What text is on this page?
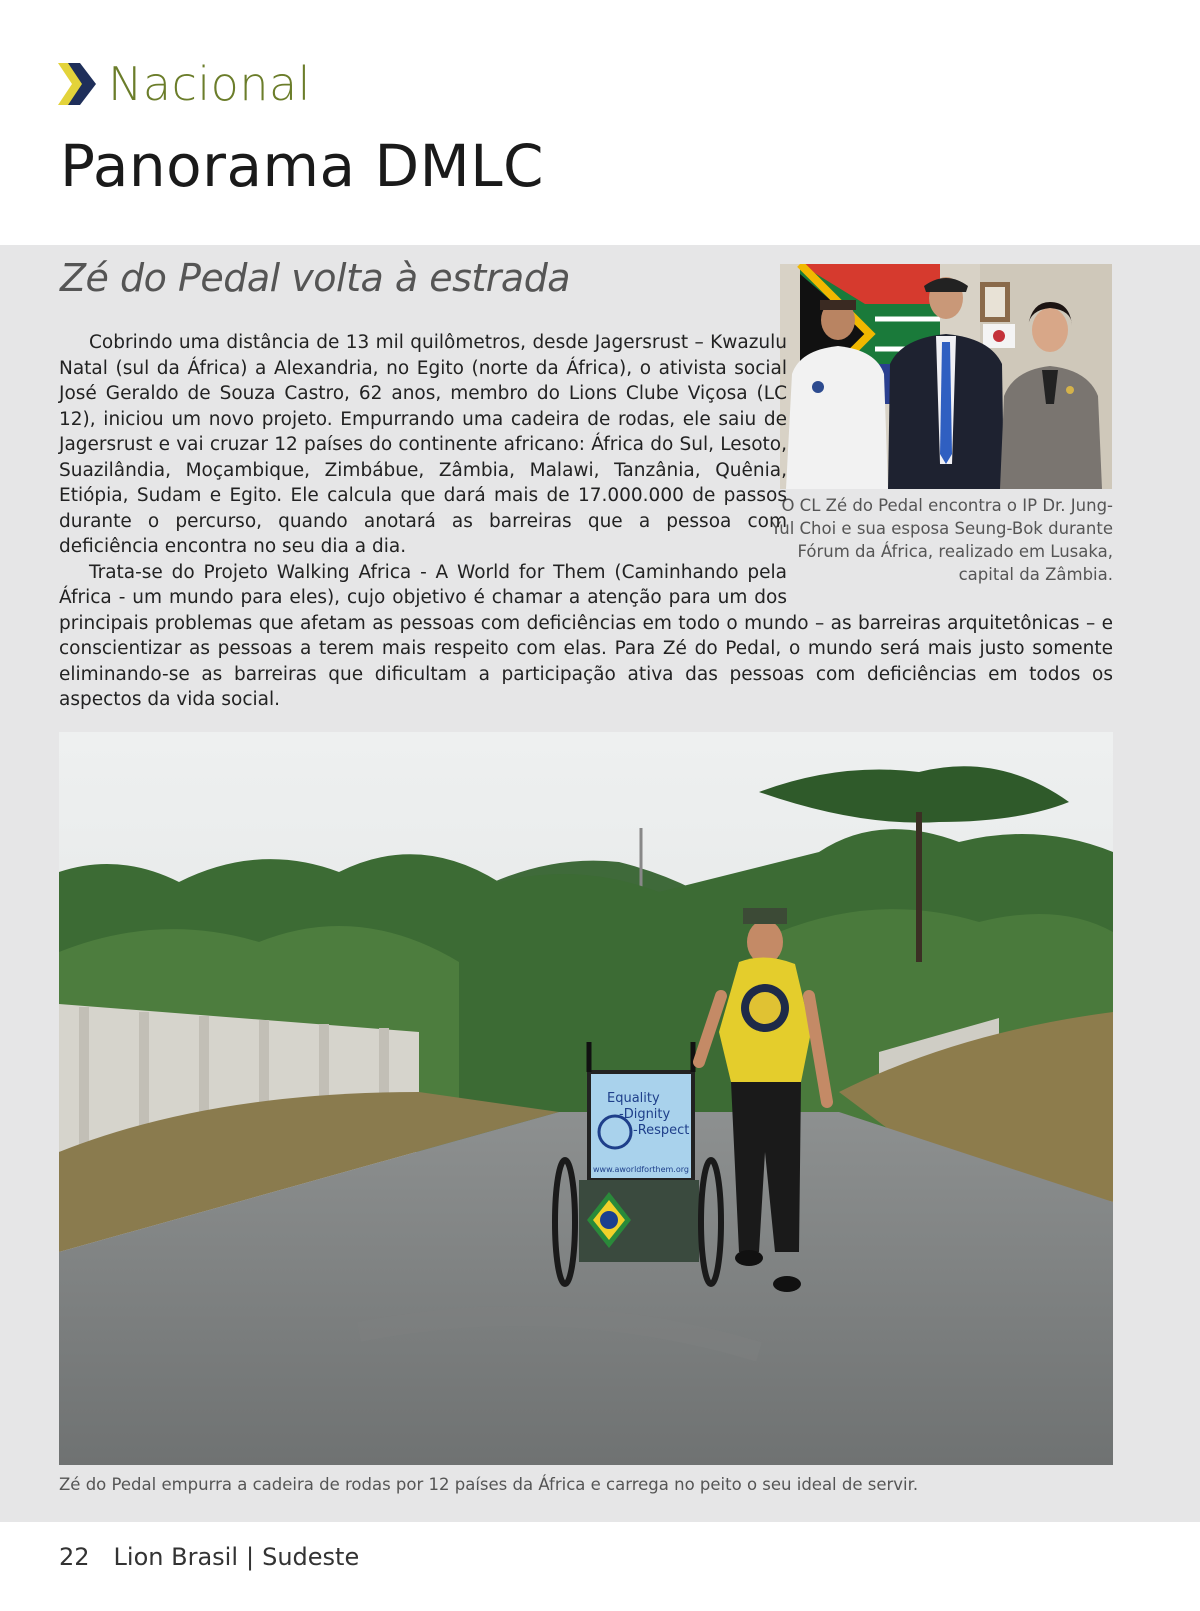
Nacional
Panorama DMLC
Zé do Pedal volta à estrada
O CL Zé do Pedal encontra o IP Dr. Jung-Yul Choi e sua esposa Seung-Bok durante Fórum da África, realizado em Lusaka, capital da Zâmbia.

Cobrindo uma distância de 13 mil quilômetros, desde Jagersrust – Kwazulu Natal (sul da África) a Alexandria, no Egito (norte da África), o ativista social José Geraldo de Souza Castro, 62 anos, membro do Lions Clube Viçosa (LC 12), iniciou um novo projeto. Empurrando uma cadeira de rodas, ele saiu de Jagersrust e vai cruzar 12 países do continente africano: África do Sul, Lesoto, Suazilândia, Moçambique, Zimbábue, Zâmbia, Malawi, Tanzânia, Quênia, Etiópia, Sudam e Egito. Ele calcula que dará mais de 17.000.000 de passos durante o percurso, quando anotará as barreiras que a pessoa com deficiência encontra no seu dia a dia.

Trata-se do Projeto Walking Africa - A World for Them (Caminhando pela África - um mundo para eles), cujo objetivo é chamar a atenção para um dos principais problemas que afetam as pessoas com deficiências em todo o mundo – as barreiras arquitetônicas – e conscientizar as pessoas a terem mais respeito com elas. Para Zé do Pedal, o mundo será mais justo somente eliminando-se as barreiras que dificultam a participação ativa das pessoas com deficiências em todos os aspectos da vida social.

Equality
-Dignity
-Respect
www.aworldforthem.org

Zé do Pedal empurra a cadeira de rodas por 12 países da África e carrega no peito o seu ideal de servir.

22 Lion Brasil | Sudeste
